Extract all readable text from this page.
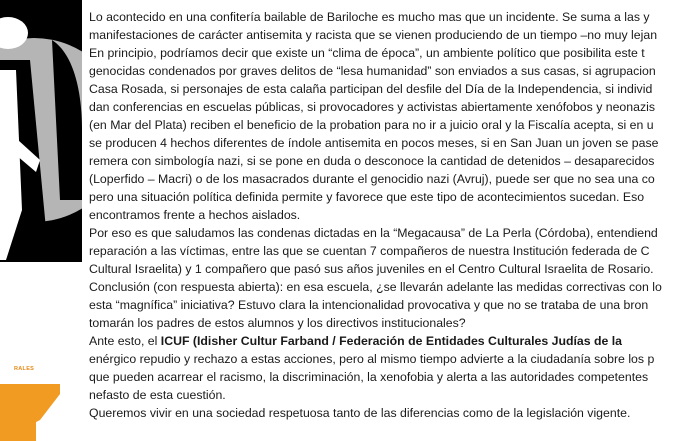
RALES
Lo acontecido en una confitería bailable de Bariloche es mucho mas que un incidente. Se suma a las y
manifestaciones de carácter antisemita y racista que se vienen produciendo de un tiempo –no muy lejan
En principio, podríamos decir que existe un “clima de época”, un ambiente político que posibilita este t
genocidas condenados por graves delitos de “lesa humanidad” son enviados a sus casas, si agrupacion
Casa Rosada, si personajes de esta calaña participan del desfile del Día de la Independencia, si individ
dan conferencias en escuelas públicas, si provocadores y activistas abiertamente xenófobos y neonazis
(en Mar del Plata) reciben el beneficio de la probation para no ir a juicio oral y la Fiscalía acepta, si en u
se producen 4 hechos diferentes de índole antisemita en pocos meses, si en San Juan un joven se pase
remera con simbología nazi, si se pone en duda o desconoce la cantidad de detenidos – desaparecidos
(Loperfido – Macri) o de los masacrados durante el genocidio nazi (Avruj), puede ser que no sea una co
pero una situación política definida permite y favorece que este tipo de acontecimientos sucedan. Eso
encontramos frente a hechos aislados.
Por eso es que saludamos las condenas dictadas en la “Megacausa” de La Perla (Córdoba), entendiend
reparación a las víctimas, entre las que se cuentan 7 compañeros de nuestra Institución federada de C
Cultural Israelita) y 1 compañero que pasó sus años juveniles en el Centro Cultural Israelita de Rosario.
Conclusión (con respuesta abierta): en esa escuela, ¿se llevarán adelante las medidas correctivas con lo
esta “magnífica” iniciativa? Estuvo clara la intencionalidad provocativa y que no se trataba de una bron
tomarán los padres de estos alumnos y los directivos institucionales?
Ante esto, el ICUF (Idisher Cultur Farband / Federación de Entidades Culturales Judías de la
enérgico repudio y rechazo a estas acciones, pero al mismo tiempo advierte a la ciudadanía sobre los p
que pueden acarrear el racismo, la discriminación, la xenofobia y alerta a las autoridades competentes
nefasto de esta cuestión.
Queremos vivir en una sociedad respetuosa tanto de las diferencias como de la legislación vigente.
